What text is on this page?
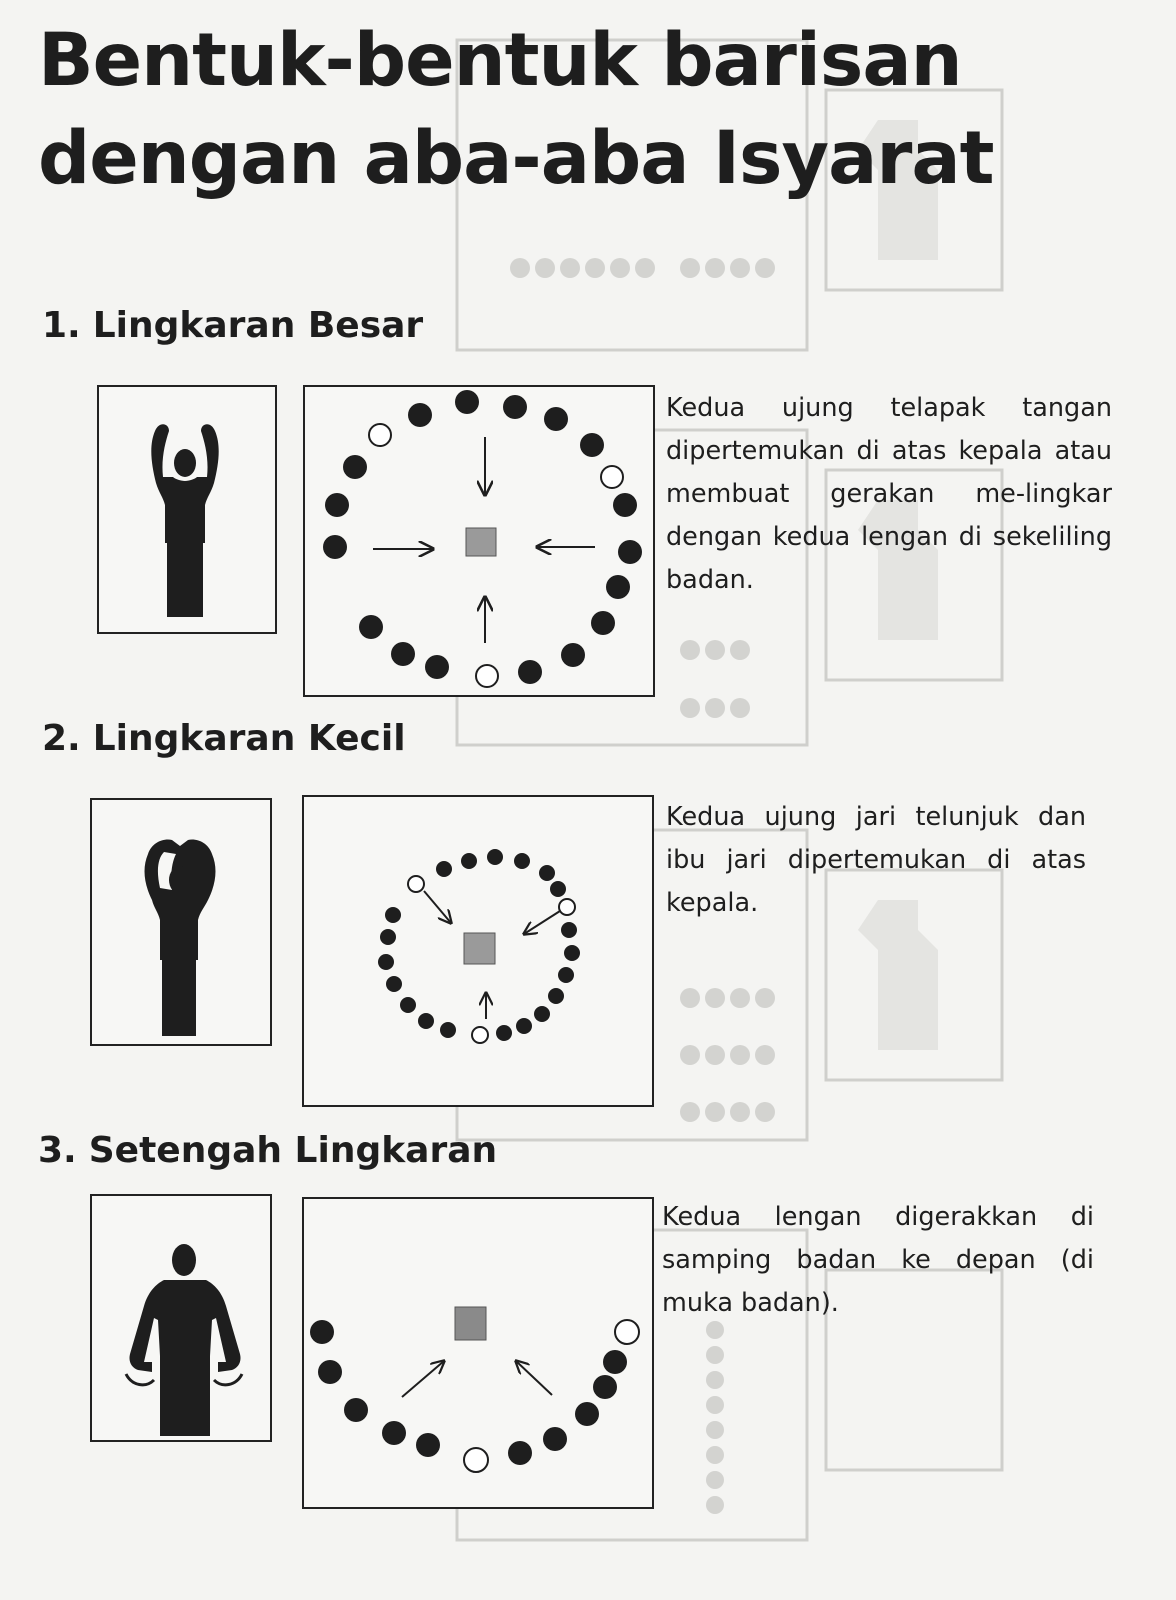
Bentuk-bentuk barisan
dengan aba-aba Isyarat
1. Lingkaran Besar

Kedua ujung telapak tangan dipertemukan di atas kepala atau membuat gerakan me-lingkar dengan kedua lengan di sekeliling badan.

2. Lingkaran Kecil

Kedua ujung jari telunjuk dan ibu jari dipertemukan di atas kepala.

3. Setengah Lingkaran

Kedua lengan digerakkan di samping badan ke depan (di muka badan).
